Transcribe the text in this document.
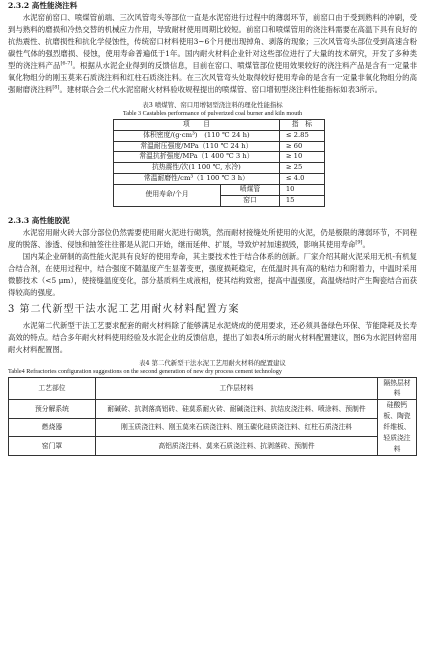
2.3.2 高性能浇注料

水泥窑前窑口、喷煤管前端、三次风管弯头等部位一直是水泥窑进行过程中的薄弱环节，前窑口由于受到熟料的冲刷，受到与熟料的磨损和冷热交替的机械应力作用，导致耐材使用周期比较短。前窑口和喷煤管用的浇注料需要在高温下具有良好的抗热震性、抗磨损性和抗化学侵蚀性，传统窑口材料使用3~6个月便出现掉角、剥落的现象；三次风管弯头部位受到高速含粉碳性气体的强烈磨损、侵蚀，使用寿命普遍低于1年。国内耐火材料企业针对这些部位进行了大量的技术研究，开发了多种类型的浇注料产品[6-7]。根据从水泥企业得到的反馈信息，目前在窑口、喷煤管部位使用效果较好的浇注料产品是含有一定量非氧化物组分的刚玉莫来石质浇注料和红柱石质浇注料。在三次风管弯头处取得较好使用寿命的是含有一定量非氧化物组分的高强耐磨浇注料[8]。建材联合会二代水泥窑耐火材料验收规程提出的喷煤管、窑口增韧型浇注料性能指标如表3所示。

表3 喷煤管、窑口用增韧型浇注料的理化性能指标
Table 3 Castables performance of pulverized coal burner and kiln mouth
项　　目		指　标
体积密度/(g·cm³)　(110 ℃ 24 h)		≤ 2.85
常温耐压强度/MPa（110 ℃ 24 h）		≥ 60
常温抗折强度/MPa（1 400 ℃ 3 h）		≥ 10
抗热震性/次(1 100 ℃, 水冷)		≥ 25
常温耐磨性/cm³（1 100 ℃ 3 h）		≤ 4.0
使用寿命/个月	喷煤管	10
	窑口	15
2.3.3 高性能胶泥

水泥窑用耐火砖大部分部位仍然需要使用耐火泥进行砌筑，然而耐材接缝处所使用的火泥，仍是极限的薄弱环节，不同程度的脱落、渗透、侵蚀和抽签往往都是从泥口开始，继而延伸、扩展，导致炉衬加速损毁，影响其使用寿命[9]。

国内某企业研制的高性能火泥具有良好的使用寿命，其主要技术性于结合体系的创新。厂家介绍其耐火泥采用无机-有机复合结合剂，在使用过程中，结合强度不随温度产生显著变更，强度损耗稳定，在低温时具有高的粘结力和附着力，中温时采用微膨技术（<5 μm），使接缝温度变化，部分基质料生成液相，使其结构致密，提高中温强度，高温烧结时产生陶瓷结合而获得较高的强度。

3 第二代新型干法水泥工艺用耐火材料配置方案

水泥第二代新型干法工艺要求配套的耐火材料除了能够满足水泥烧成的使用要求，还必须具备绿色环保、节能降耗及长寿高效的特点。结合多年耐火材料使用经验及水泥企业的反馈信息，提出了如表4所示的耐火材料配置建议，图6为水泥回转窑用耐火材料配置图。

表4 第二代新型干法水泥工艺用耐火材料的配置建议
Table4 Refractories configuration suggestions on the second generation of new dry process cement technology
工艺部位	工作层材料	隔热层材料
预分解系统	耐碱砖、抗剥落高铝砖、硅莫系耐火砖、耐碱浇注料、抗结皮浇注料、喷涂料、预制件	硅酸钙板、陶瓷纤维板、轻质浇注料
燃烧器	刚玉质浇注料、刚玉莫来石质浇注料、刚玉碳化硅质浇注料、红柱石质浇注料	
窑门罩	高铝质浇注料、莫来石质浇注料、抗剥落砖、预制件	
